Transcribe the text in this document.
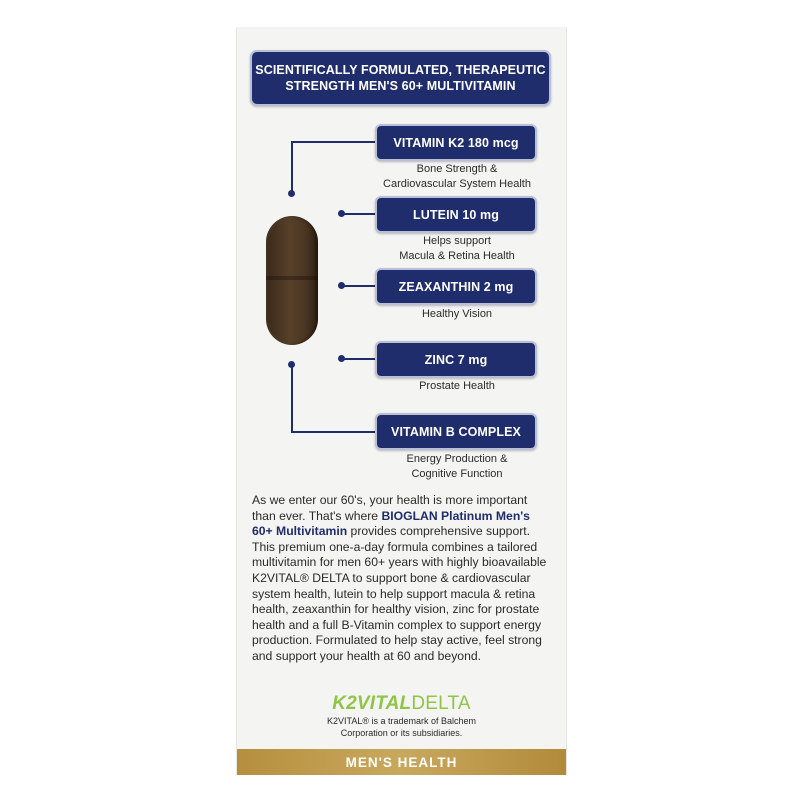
SCIENTIFICALLY FORMULATED, THERAPEUTIC
STRENGTH MEN'S 60+ MULTIVITAMIN
VITAMIN K2 180 mcg
Bone Strength &
Cardiovascular System Health
LUTEIN 10 mg
Helps support
Macula & Retina Health
ZEAXANTHIN 2 mg
Healthy Vision
ZINC 7 mg
Prostate Health
VITAMIN B COMPLEX
Energy Production &
Cognitive Function
As we enter our 60's, your health is more important than ever. That's where BIOGLAN Platinum Men's 60+ Multivitamin provides comprehensive support. This premium one-a-day formula combines a tailored multivitamin for men 60+ years with highly bioavailable K2VITAL® DELTA to support bone & cardiovascular system health, lutein to help support macula & retina health, zeaxanthin for healthy vision, zinc for prostate health and a full B-Vitamin complex to support energy production. Formulated to help stay active, feel strong and support your health at 60 and beyond.
K2VITALDELTA
K2VITAL® is a trademark of Balchem
Corporation or its subsidiaries.
MEN'S HEALTH
